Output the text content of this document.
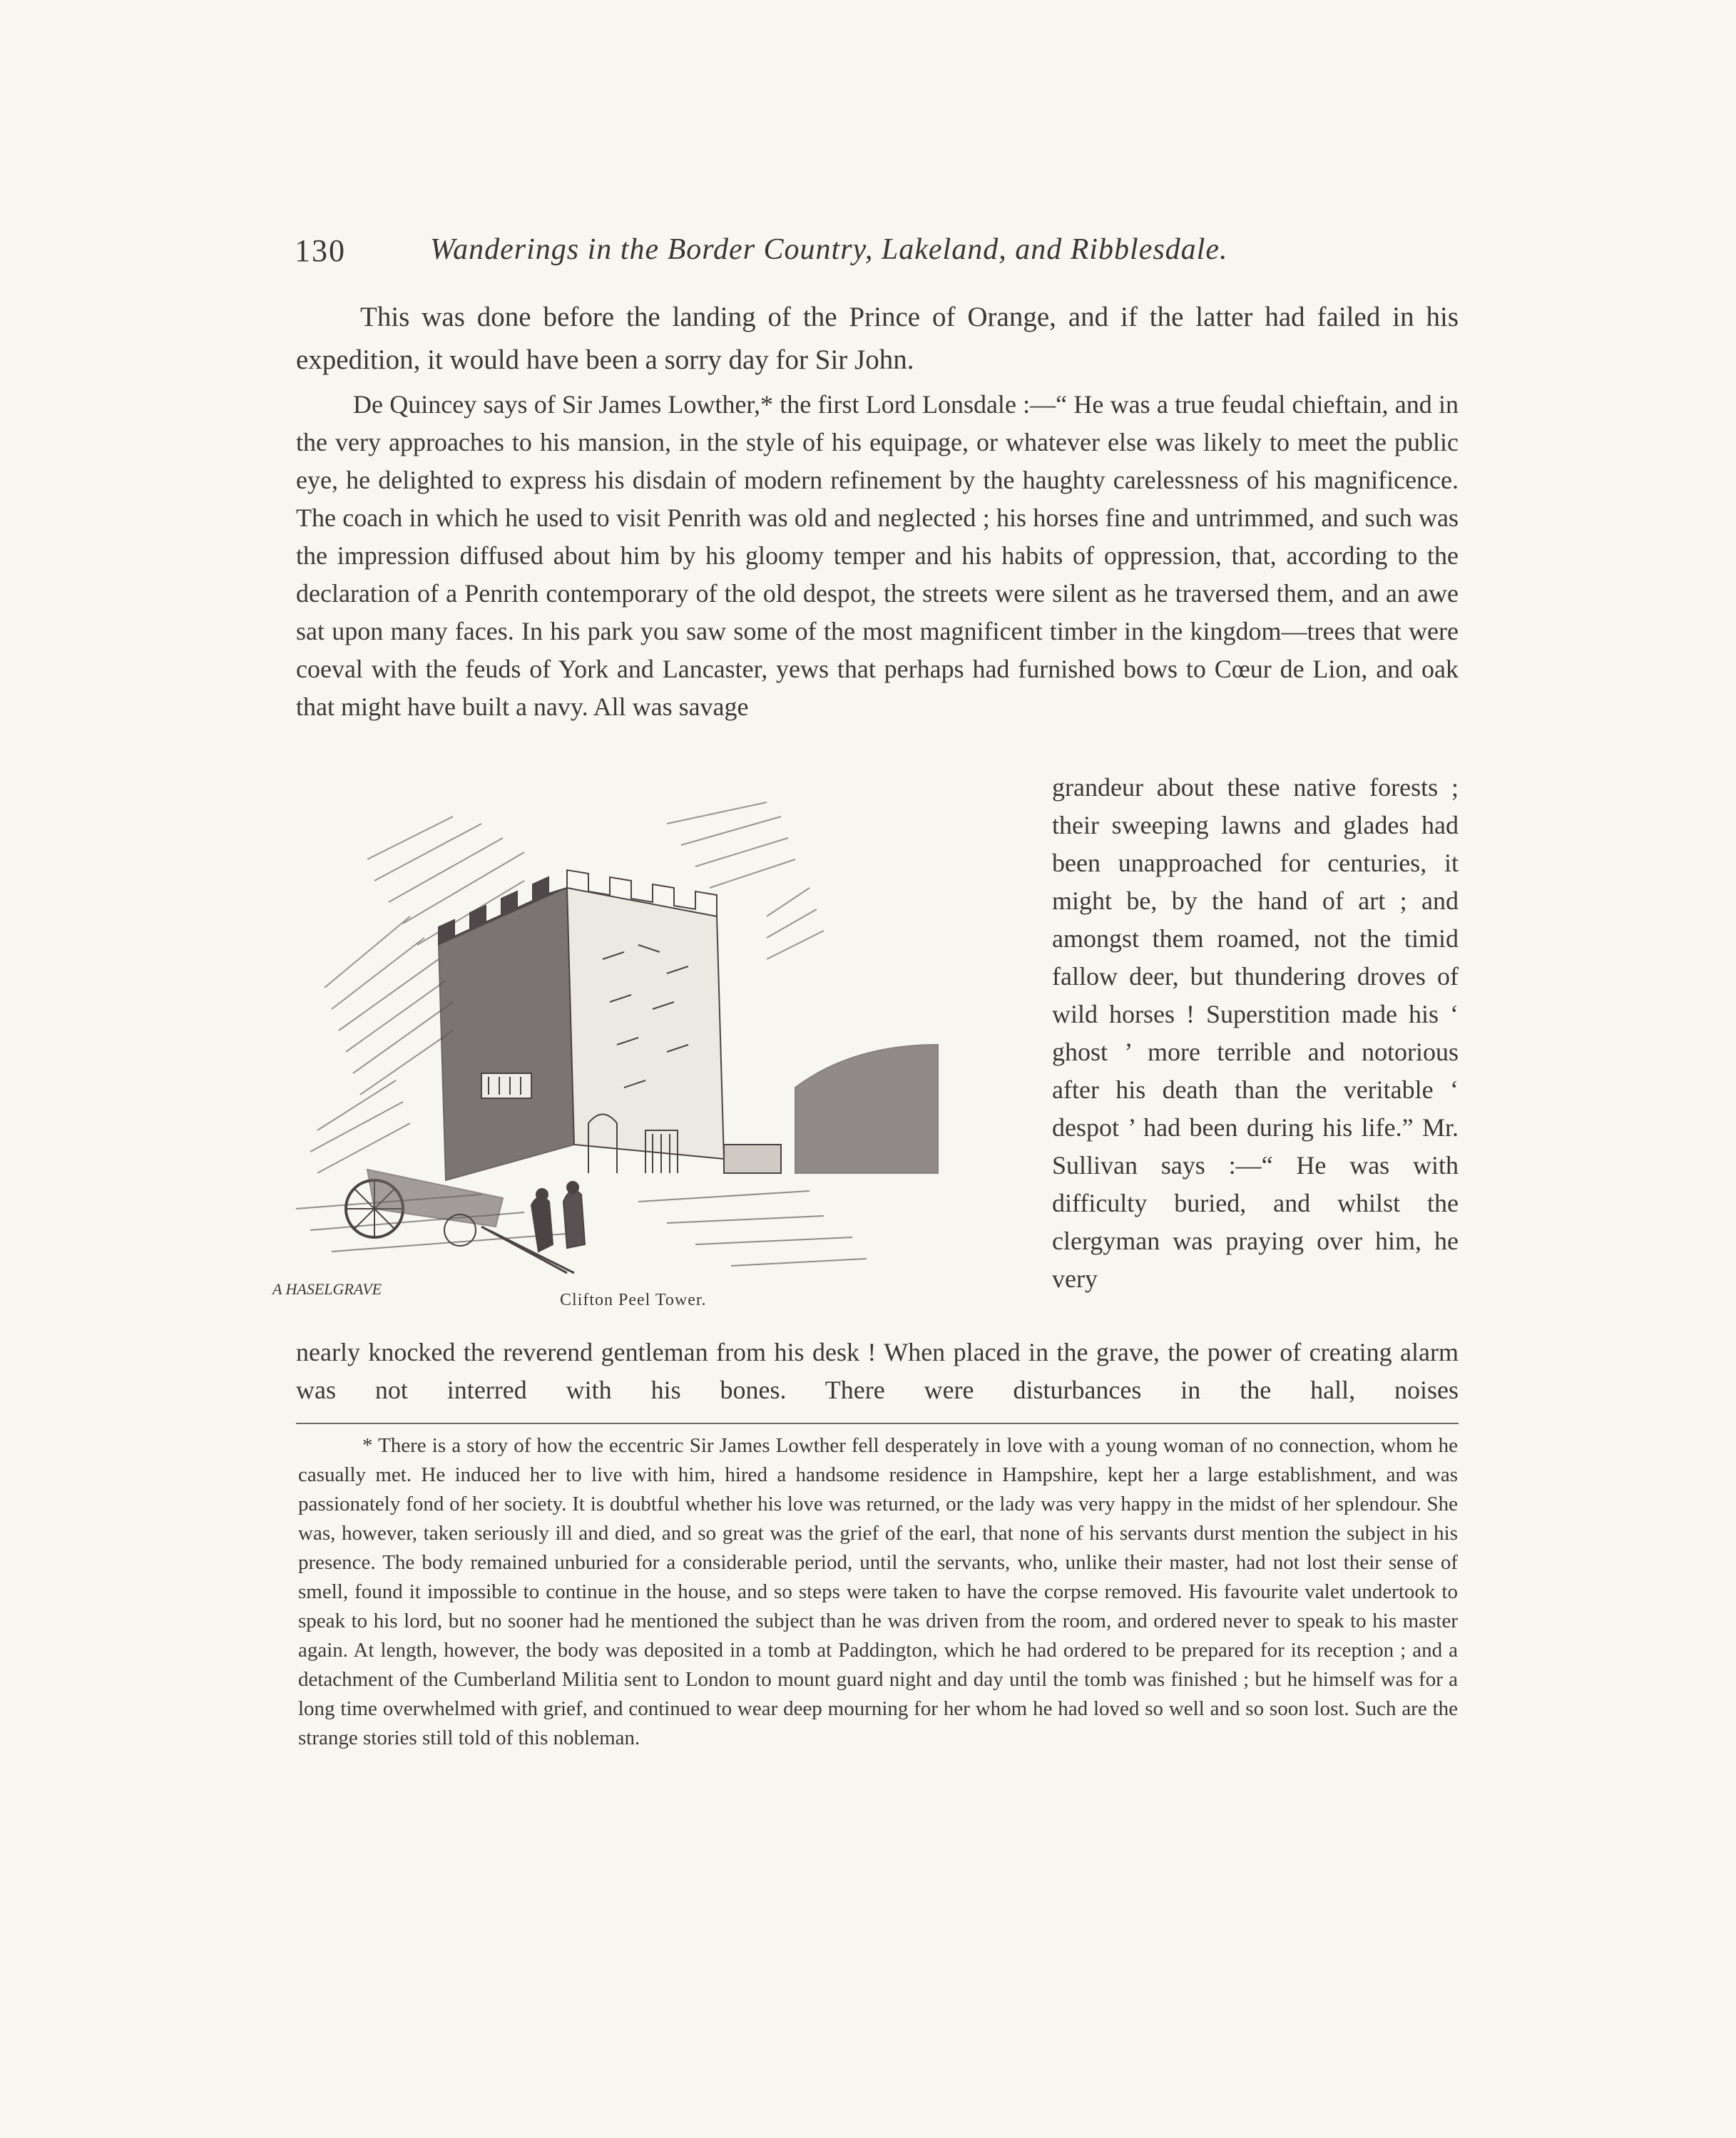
130	Wanderings in the Border Country, Lakeland, and Ribblesdale.
This was done before the landing of the Prince of Orange, and if the latter had failed in his expedition, it would have been a sorry day for Sir John.
De Quincey says of Sir James Lowther,* the first Lord Lonsdale :—“ He was a true feudal chieftain, and in the very approaches to his mansion, in the style of his equipage, or whatever else was likely to meet the public eye, he delighted to express his disdain of modern refinement by the haughty carelessness of his magnificence. The coach in which he used to visit Penrith was old and neglected ; his horses fine and untrimmed, and such was the impression diffused about him by his gloomy temper and his habits of oppression, that, according to the declaration of a Penrith contemporary of the old despot, the streets were silent as he traversed them, and an awe sat upon many faces. In his park you saw some of the most magnificent timber in the kingdom—trees that were coeval with the feuds of York and Lancaster, yews that perhaps had furnished bows to Cœur de Lion, and oak that might have built a navy. All was savage
A HASELGRAVE
Clifton Peel Tower.
grandeur about these native forests ; their sweeping lawns and glades had been unapproached for centuries, it might be, by the hand of art ; and amongst them roamed, not the timid fallow deer, but thundering droves of wild horses ! Superstition made his ‘ ghost ’ more terrible and notorious after his death than the veritable ‘ despot ’ had been during his life.” Mr. Sullivan says :—“ He was with difficulty buried, and whilst the clergyman was praying over him, he very
nearly knocked the reverend gentleman from his desk ! When placed in the grave, the power of creating alarm was not interred with his bones. There were disturbances in the hall, noises
* There is a story of how the eccentric Sir James Lowther fell desperately in love with a young woman of no connection, whom he casually met. He induced her to live with him, hired a handsome residence in Hampshire, kept her a large establishment, and was passionately fond of her society. It is doubtful whether his love was returned, or the lady was very happy in the midst of her splendour. She was, however, taken seriously ill and died, and so great was the grief of the earl, that none of his servants durst mention the subject in his presence. The body remained unburied for a considerable period, until the servants, who, unlike their master, had not lost their sense of smell, found it impossible to continue in the house, and so steps were taken to have the corpse removed. His favourite valet undertook to speak to his lord, but no sooner had he mentioned the subject than he was driven from the room, and ordered never to speak to his master again. At length, however, the body was deposited in a tomb at Paddington, which he had ordered to be prepared for its reception ; and a detachment of the Cumberland Militia sent to London to mount guard night and day until the tomb was finished ; but he himself was for a long time overwhelmed with grief, and continued to wear deep mourning for her whom he had loved so well and so soon lost. Such are the strange stories still told of this nobleman.
